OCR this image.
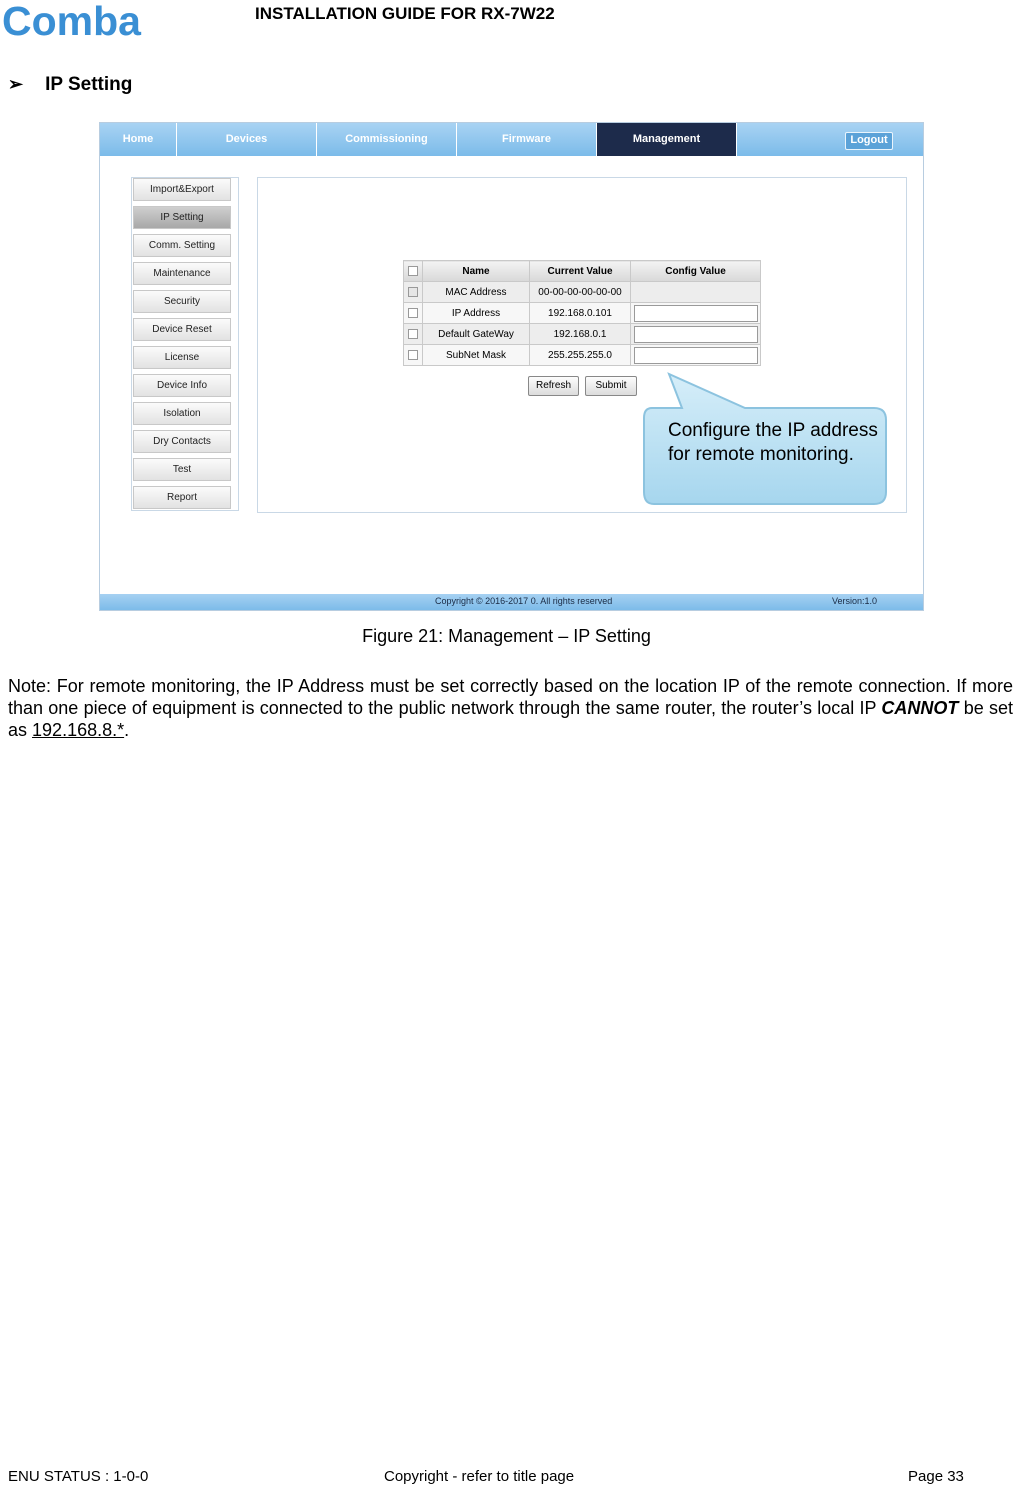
Comba	INSTALLATION GUIDE FOR RX-7W22
➢ IP Setting
Home	Devices	Commissioning	Firmware	Management	Logout
Import&Export
IP Setting
Comm. Setting
Maintenance
Security
Device Reset
License
Device Info
Isolation
Dry Contacts
Test
Report
	Name	Current Value	Config Value
	MAC Address	00-00-00-00-00-00	
	IP Address	192.168.0.101	
	Default GateWay	192.168.0.1	
	SubNet Mask	255.255.255.0	
Refresh	Submit
Copyright © 2016-2017 0. All rights reserved	Version:1.0
Configure the IP address for remote monitoring.
Figure 21: Management – IP Setting
Note: For remote monitoring, the IP Address must be set correctly based on the location IP of the remote connection. If more than one piece of equipment is connected to the public network through the same router, the router’s local IP CANNOT be set as 192.168.8.*.
ENU STATUS : 1-0-0	Copyright - refer to title page	Page 33
